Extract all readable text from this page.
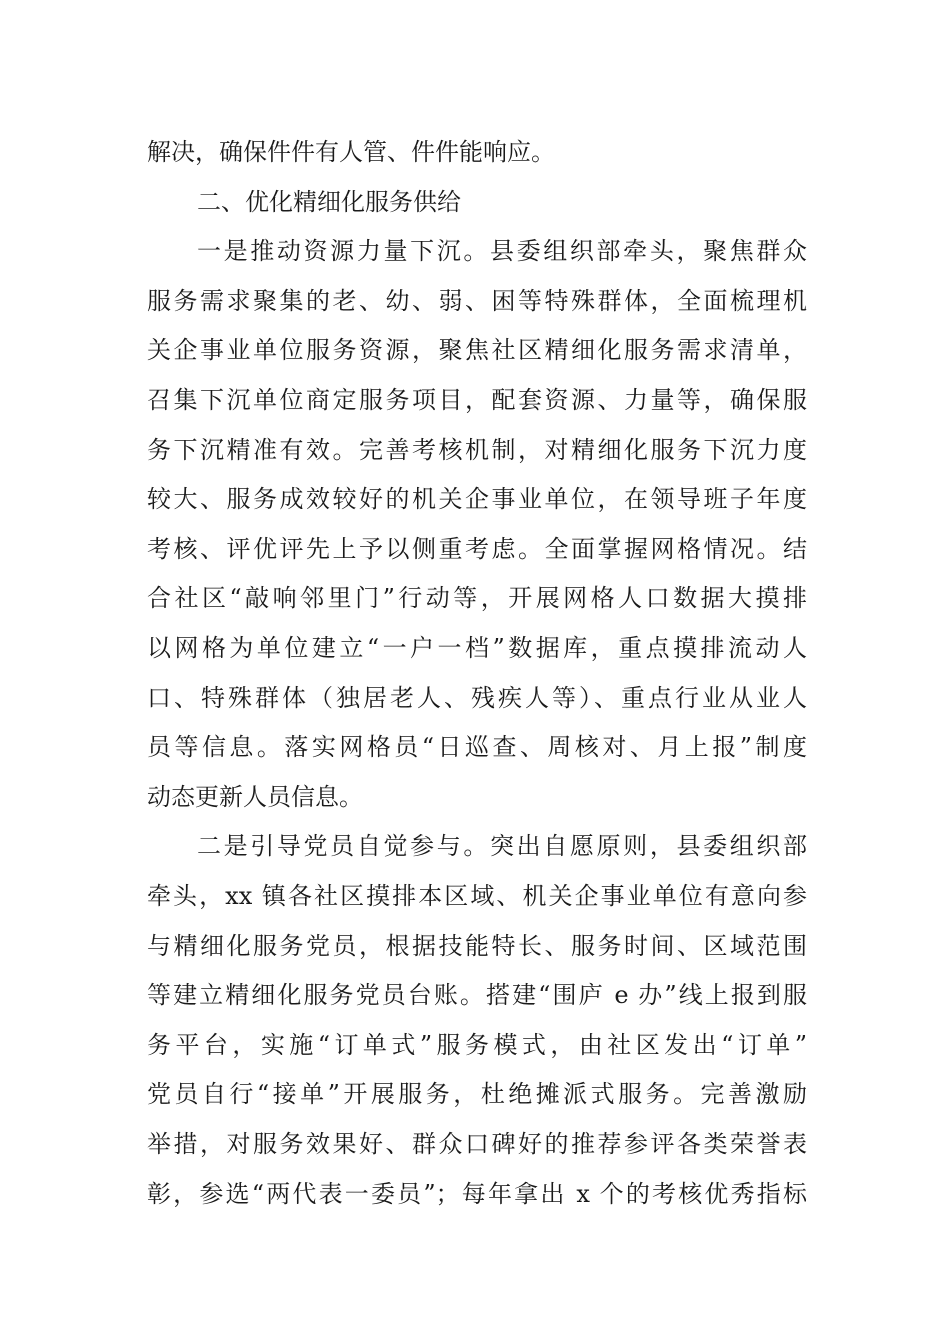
解决，确保件件有人管、件件能响应。
二、优化精细化服务供给
一是推动资源力量下沉。县委组织部牵头，聚焦群众
服务需求聚集的老、幼、弱、困等特殊群体，全面梳理机
关企事业单位服务资源，聚焦社区精细化服务需求清单，
召集下沉单位商定服务项目，配套资源、力量等，确保服
务下沉精准有效。完善考核机制，对精细化服务下沉力度
较大、服务成效较好的机关企事业单位，在领导班子年度
考核、评优评先上予以侧重考虑。全面掌握网格情况。结
合社区“敲响邻里门”行动等，开展网格人口数据大摸排
以网格为单位建立“一户一档”数据库，重点摸排流动人
口、特殊群体（独居老人、残疾人等）、重点行业从业人
员等信息。落实网格员“日巡查、周核对、月上报”制度
动态更新人员信息。
二是引导党员自觉参与。突出自愿原则，县委组织部
牵头，xx 镇各社区摸排本区域、机关企事业单位有意向参
与精细化服务党员，根据技能特长、服务时间、区域范围
等建立精细化服务党员台账。搭建“围庐 e 办”线上报到服
务平台，实施“订单式”服务模式，由社区发出“订单”
党员自行“接单”开展服务，杜绝摊派式服务。完善激励
举措，对服务效果好、群众口碑好的推荐参评各类荣誉表
彰，参选“两代表一委员”；每年拿出 x 个的考核优秀指标
